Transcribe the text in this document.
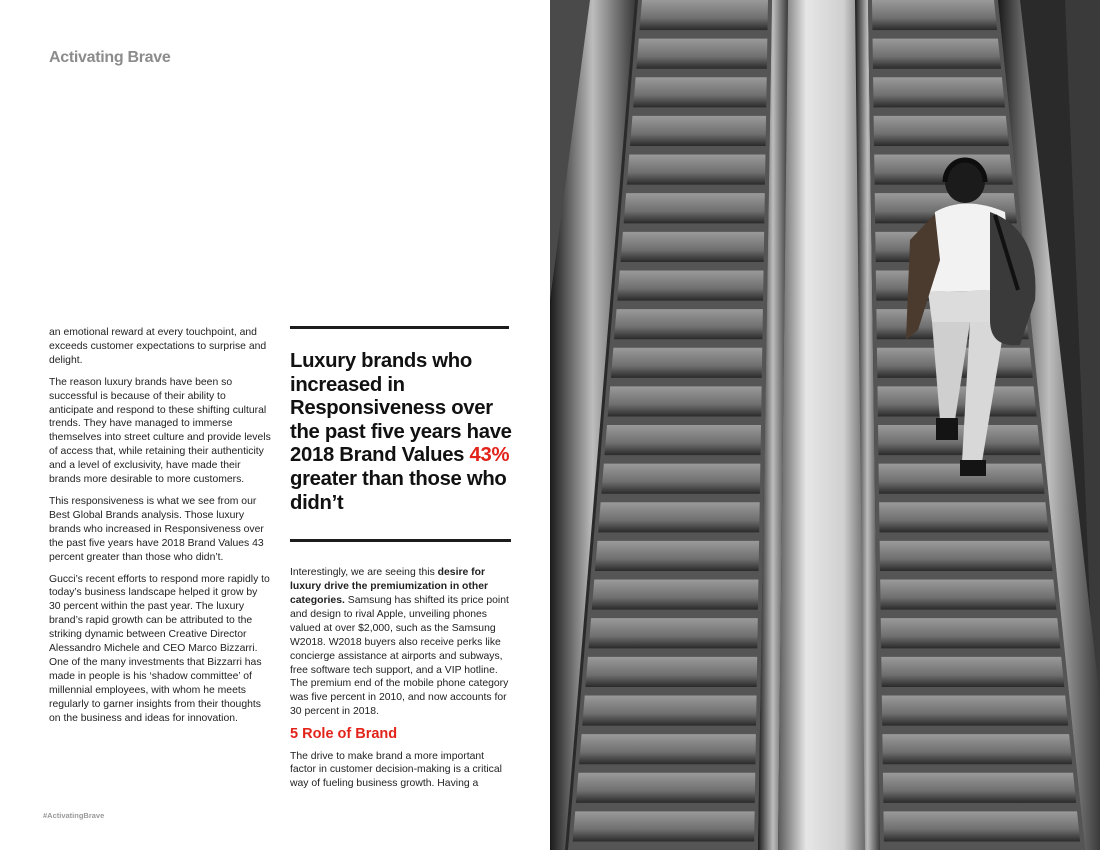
Activating Brave

an emotional reward at every touchpoint, and exceeds customer expectations to surprise and delight.

The reason luxury brands have been so successful is because of their ability to anticipate and respond to these shifting cultural trends. They have managed to immerse themselves into street culture and provide levels of access that, while retaining their authenticity and a level of exclusivity, have made their brands more desirable to more customers.

This responsiveness is what we see from our Best Global Brands analysis. Those luxury brands who increased in Responsiveness over the past five years have 2018 Brand Values 43 percent greater than those who didn’t.

Gucci’s recent efforts to respond more rapidly to today’s business landscape helped it grow by 30 percent within the past year. The luxury brand’s rapid growth can be attributed to the striking dynamic between Creative Director Alessandro Michele and CEO Marco Bizzarri. One of the many investments that Bizzarri has made in people is his ‘shadow committee’ of millennial employees, with whom he meets regularly to garner insights from their thoughts on the business and ideas for innovation.

Luxury brands who increased in Responsiveness over the past five years have 2018 Brand Values 43% greater than those who didn’t

Interestingly, we are seeing this desire for luxury drive the premiumization in other categories. Samsung has shifted its price point and design to rival Apple, unveiling phones valued at over $2,000, such as the Samsung W2018. W2018 buyers also receive perks like concierge assistance at airports and subways, free software tech support, and a VIP hotline. The premium end of the mobile phone category was five percent in 2010, and now accounts for 30 percent in 2018.

5 Role of Brand

The drive to make brand a more important factor in customer decision-making is a critical way of fueling business growth. Having a

#ActivatingBrave
